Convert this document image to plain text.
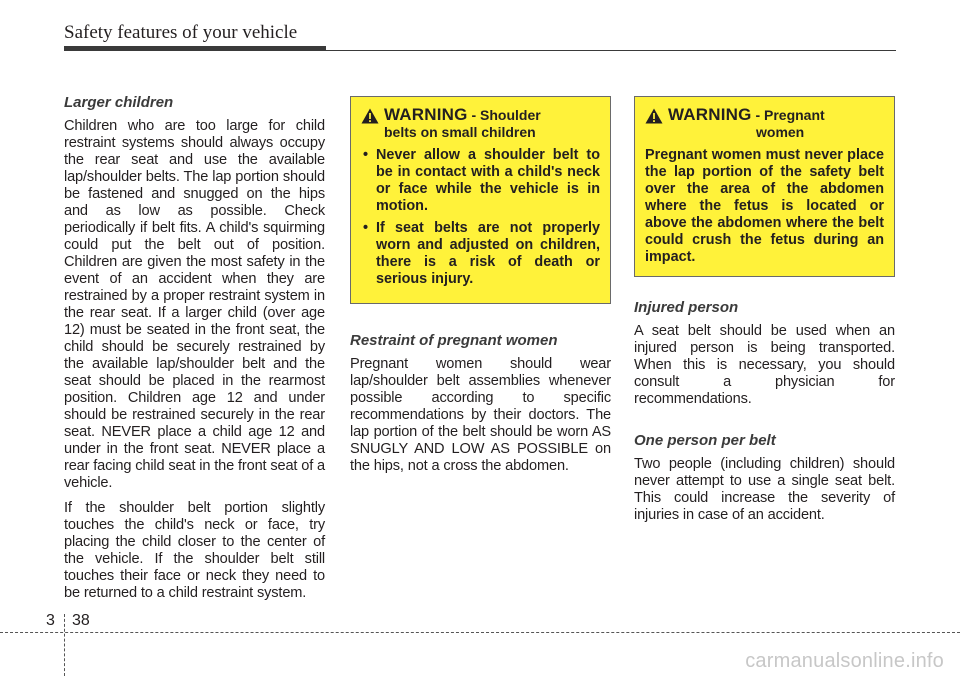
Safety features of your vehicle
Larger children

Children who are too large for child restraint systems should always occupy the rear seat and use the available lap/shoulder belts. The lap portion should be fastened and snugged on the hips and as low as possible. Check periodically if belt fits. A child's squirming could put the belt out of position. Children are given the most safety in the event of an accident when they are restrained by a proper restraint system in the rear seat. If a larger child (over age 12) must be seated in the front seat, the child should be securely restrained by the available lap/shoulder belt and the seat should be placed in the rearmost position. Children age 12 and under should be restrained securely in the rear seat. NEVER place a child age 12 and under in the front seat. NEVER place a rear facing child seat in the front seat of a vehicle.

If the shoulder belt portion slightly touches the child's neck or face, try placing the child closer to the center of the vehicle. If the shoulder belt still touches their face or neck they need to be returned to a child restraint system.

WARNING - Shoulder
belts on small children
• Never allow a shoulder belt to be in contact with a child's neck or face while the vehicle is in motion.
• If seat belts are not properly worn and adjusted on children, there is a risk of death or serious injury.
Restraint of pregnant women

Pregnant women should wear lap/shoulder belt assemblies whenever possible according to specific recommendations by their doctors. The lap portion of the belt should be worn AS SNUGLY AND LOW AS POSSIBLE on the hips, not a cross the abdomen.

WARNING - Pregnant
women
Pregnant women must never place the lap portion of the safety belt over the area of the abdomen where the fetus is located or above the abdomen where the belt could crush the fetus during an impact.
Injured person

A seat belt should be used when an injured person is being transported. When this is necessary, you should consult a physician for recommendations.

One person per belt

Two people (including children) should never attempt to use a single seat belt. This could increase the severity of injuries in case of an accident.

3 38
carmanualsonline.info
